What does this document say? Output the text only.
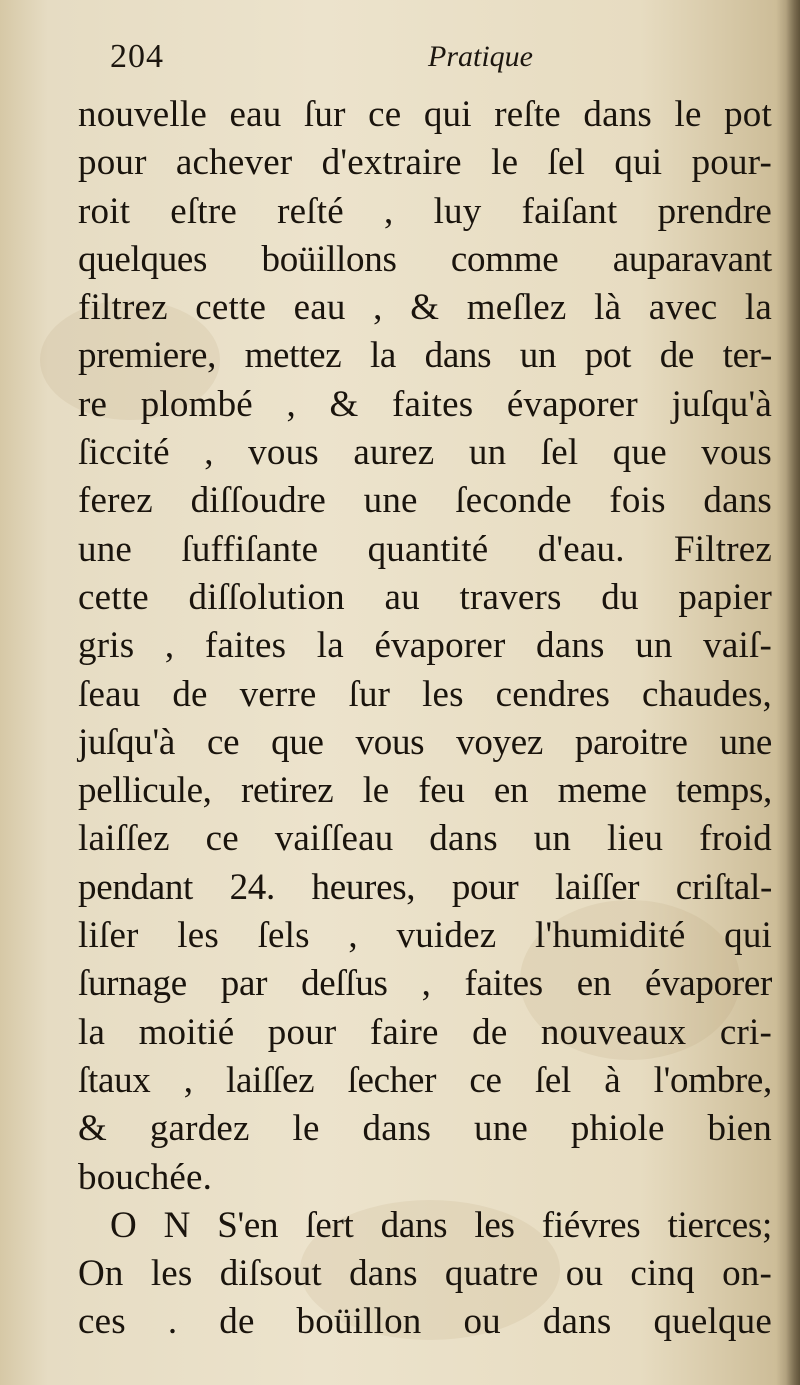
204	Pratique
nouvelle eau ſur ce qui reſte dans le pot
pour achever d'extraire le ſel qui pour-
roit eſtre reſté , luy faiſant prendre
quelques boüillons comme auparavant
filtrez cette eau , & meſlez là avec la
premiere, mettez la dans un pot de ter-
re plombé , & faites évaporer juſqu'à
ſiccité , vous aurez un ſel que vous
ferez diſſoudre une ſeconde fois dans
une ſuffiſante quantité d'eau. Filtrez
cette diſſolution au travers du papier
gris , faites la évaporer dans un vaiſ-
ſeau de verre ſur les cendres chaudes,
juſqu'à ce que vous voyez paroitre une
pellicule, retirez le feu en meme temps,
laiſſez ce vaiſſeau dans un lieu froid
pendant 24. heures, pour laiſſer criſtal-
liſer les ſels , vuidez l'humidité qui
ſurnage par deſſus , faites en évaporer
la moitié pour faire de nouveaux cri-
ſtaux , laiſſez ſecher ce ſel à l'ombre,
& gardez le dans une phiole bien
bouchée.
O N S'en ſert dans les fiévres tierces;
On les diſsout dans quatre ou cinq on-
ces . de boüillon ou dans quelque
